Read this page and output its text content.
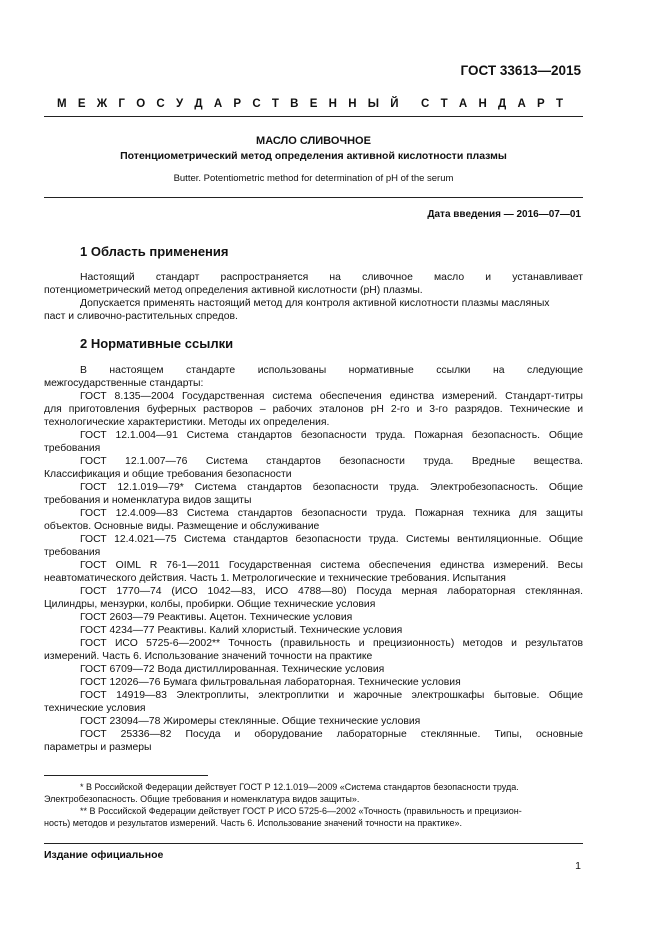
ГОСТ 33613—2015
М Е Ж Г О С У Д А Р С Т В Е Н Н Ы Й С Т А Н Д А Р Т
МАСЛО СЛИВОЧНОЕ
Потенциометрический метод определения активной кислотности плазмы
Butter. Potentiometric method for determination of pH of the serum
Дата введения — 2016—07—01
1 Область применения

Настоящий стандарт распространяется на сливочное масло и устанавливает

потенциометрический метод определения активной кислотности (рН) плазмы.

Допускается применять настоящий метод для контроля активной кислотности плазмы масляных

паст и сливочно-растительных спредов.

2 Нормативные ссылки

В настоящем стандарте использованы нормативные ссылки на следующие

межгосударственные стандарты:

ГОСТ 8.135—2004 Государственная система обеспечения единства измерений. Стандарт-титры

для приготовления буферных растворов – рабочих эталонов рН 2-го и 3-го разрядов. Технические и

технологические характеристики. Методы их определения.

ГОСТ 12.1.004—91 Система стандартов безопасности труда. Пожарная безопасность. Общие

требования

ГОСТ 12.1.007—76 Система стандартов безопасности труда. Вредные вещества.

Классификация и общие требования безопасности

ГОСТ 12.1.019—79* Система стандартов безопасности труда. Электробезопасность. Общие

требования и номенклатура видов защиты

ГОСТ 12.4.009—83 Система стандартов безопасности труда. Пожарная техника для защиты

объектов. Основные виды. Размещение и обслуживание

ГОСТ 12.4.021—75 Система стандартов безопасности труда. Системы вентиляционные. Общие

требования

ГОСТ OIML R 76-1—2011 Государственная система обеспечения единства измерений. Весы

неавтоматического действия. Часть 1. Метрологические и технические требования. Испытания

ГОСТ 1770—74 (ИСО 1042—83, ИСО 4788—80) Посуда мерная лабораторная стеклянная.

Цилиндры, мензурки, колбы, пробирки. Общие технические условия

ГОСТ 2603—79 Реактивы. Ацетон. Технические условия

ГОСТ 4234—77 Реактивы. Калий хлористый. Технические условия

ГОСТ ИСО 5725-6—2002** Точность (правильность и прецизионность) методов и результатов

измерений. Часть 6. Использование значений точности на практике

ГОСТ 6709—72 Вода дистиллированная. Технические условия

ГОСТ 12026—76 Бумага фильтровальная лабораторная. Технические условия

ГОСТ 14919—83 Электроплиты, электроплитки и жарочные электрошкафы бытовые. Общие

технические условия

ГОСТ 23094—78 Жиромеры стеклянные. Общие технические условия

ГОСТ 25336—82 Посуда и оборудование лабораторные стеклянные. Типы, основные

параметры и размеры

* В Российской Федерации действует ГОСТ Р 12.1.019—2009 «Система стандартов безопасности труда.

Электробезопасность. Общие требования и номенклатура видов защиты».

** В Российской Федерации действует ГОСТ Р ИСО 5725-6—2002 «Точность (правильность и прецизион-

ность) методов и результатов измерений. Часть 6. Использование значений точности на практике».

Издание официальное
1
